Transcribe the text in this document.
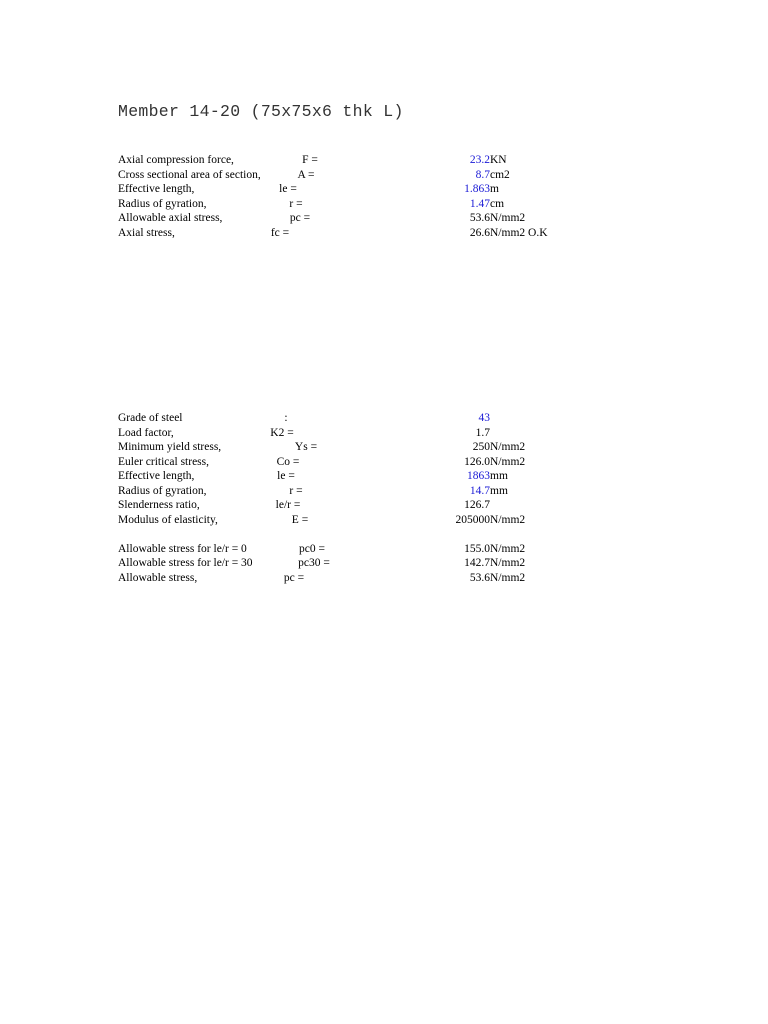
Member 14-20 (75x75x6 thk L)
Axial compression force,	F =	23.2 KN
Cross sectional area of section,	A =	8.7 cm2
Effective length,	le =	1.863 m
Radius of gyration,	r =	1.47 cm
Allowable axial stress,	pc =	53.6 N/mm2
Axial stress,	fc =	26.6 N/mm2 O.K
Grade of steel	:	43
Load factor,	K2 =	1.7
Minimum yield stress,	Ys =	250 N/mm2
Euler critical stress,	Co =	126.0 N/mm2
Effective length,	le =	1863 mm
Radius of gyration,	r =	14.7 mm
Slenderness ratio,	le/r =	126.7
Modulus of elasticity,	E =	205000 N/mm2
Allowable stress for le/r = 0	pc0 =	155.0 N/mm2
Allowable stress for le/r = 30	pc30 =	142.7 N/mm2
Allowable stress,	pc =	53.6 N/mm2
